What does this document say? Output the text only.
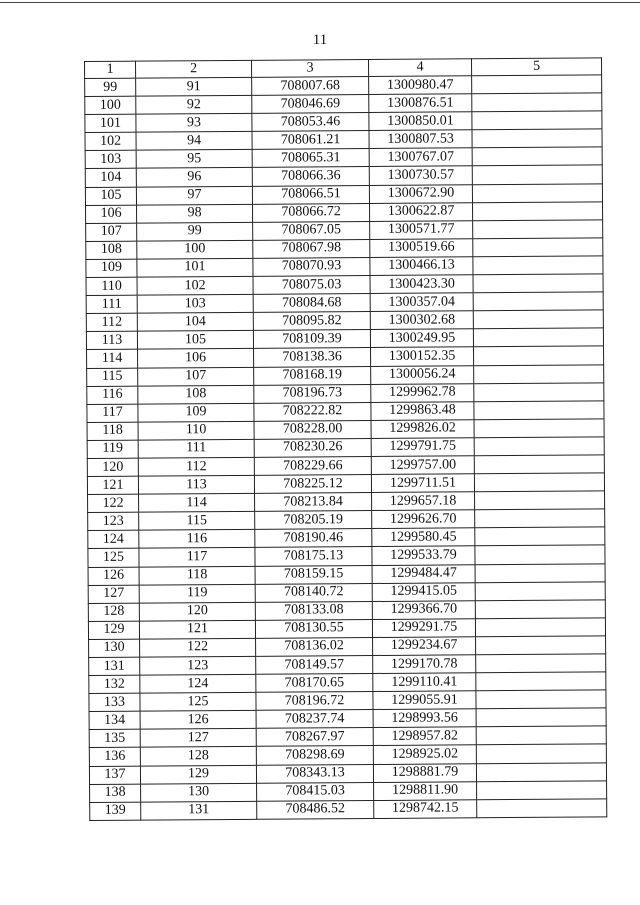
11
1	2	3	4	5
99	91	708007.68	1300980.47	
100	92	708046.69	1300876.51	
101	93	708053.46	1300850.01	
102	94	708061.21	1300807.53	
103	95	708065.31	1300767.07	
104	96	708066.36	1300730.57	
105	97	708066.51	1300672.90	
106	98	708066.72	1300622.87	
107	99	708067.05	1300571.77	
108	100	708067.98	1300519.66	
109	101	708070.93	1300466.13	
110	102	708075.03	1300423.30	
111	103	708084.68	1300357.04	
112	104	708095.82	1300302.68	
113	105	708109.39	1300249.95	
114	106	708138.36	1300152.35	
115	107	708168.19	1300056.24	
116	108	708196.73	1299962.78	
117	109	708222.82	1299863.48	
118	110	708228.00	1299826.02	
119	111	708230.26	1299791.75	
120	112	708229.66	1299757.00	
121	113	708225.12	1299711.51	
122	114	708213.84	1299657.18	
123	115	708205.19	1299626.70	
124	116	708190.46	1299580.45	
125	117	708175.13	1299533.79	
126	118	708159.15	1299484.47	
127	119	708140.72	1299415.05	
128	120	708133.08	1299366.70	
129	121	708130.55	1299291.75	
130	122	708136.02	1299234.67	
131	123	708149.57	1299170.78	
132	124	708170.65	1299110.41	
133	125	708196.72	1299055.91	
134	126	708237.74	1298993.56	
135	127	708267.97	1298957.82	
136	128	708298.69	1298925.02	
137	129	708343.13	1298881.79	
138	130	708415.03	1298811.90	
139	131	708486.52	1298742.15	
